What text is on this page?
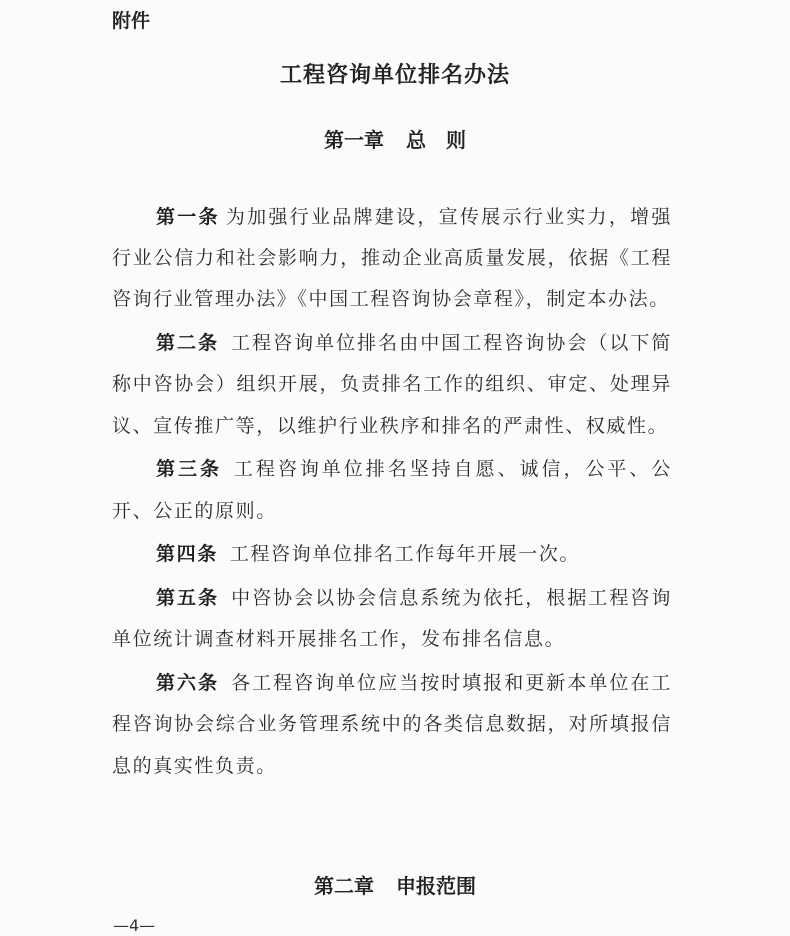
附件
工程咨询单位排名办法
第一章 总　则

第一条 为加强行业品牌建设，宣传展示行业实力，增强行业公信力和社会影响力，推动企业高质量发展，依据《工程咨询行业管理办法》《中国工程咨询协会章程》，制定本办法。

第二条 工程咨询单位排名由中国工程咨询协会（以下简称中咨协会）组织开展，负责排名工作的组织、审定、处理异议、宣传推广等，以维护行业秩序和排名的严肃性、权威性。

第三条 工程咨询单位排名坚持自愿、诚信，公平、公开、公正的原则。

第四条 工程咨询单位排名工作每年开展一次。

第五条 中咨协会以协会信息系统为依托，根据工程咨询单位统计调查材料开展排名工作，发布排名信息。

第六条 各工程咨询单位应当按时填报和更新本单位在工程咨询协会综合业务管理系统中的各类信息数据，对所填报信息的真实性负责。

第二章 申报范围
—4—
